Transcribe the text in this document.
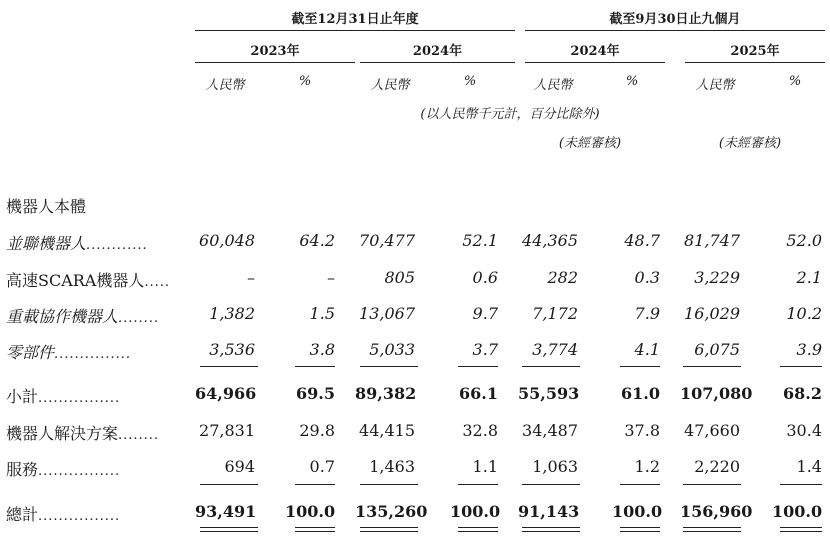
截至12月31日止年度	截至9月30日止九個月
2023年	2024年	2024年	2025年
人民幣	%	人民幣	%	人民幣	%	人民幣	%
(以人民幣千元計，百分比除外)
(未經審核)	(未經審核)
機器人本體
並聯機器人............	60,048	64.2 70,477	52.1 44,365	48.7 81,747	52.0
高速SCARA機器人.....	–	–	805	0.6	282	0.3	3,229	2.1
重載協作機器人........	1,382	1.5 13,067	9.7	7,172	7.9 16,029	10.2
零部件...............	3,536	3.8	5,033	3.7	3,774	4.1	6,075	3.9
小計................	64,966	69.5 89,382	66.1 55,593	61.0 107,080	68.2
機器人解決方案........ 27,831	29.8 44,415	32.8 34,487	37.8 47,660	30.4
服務................	694	0.7	1,463	1.1	1,063	1.2	2,220	1.4
總計................	93,491 100.0 135,260 100.0 91,143 100.0 156,960 100.0
